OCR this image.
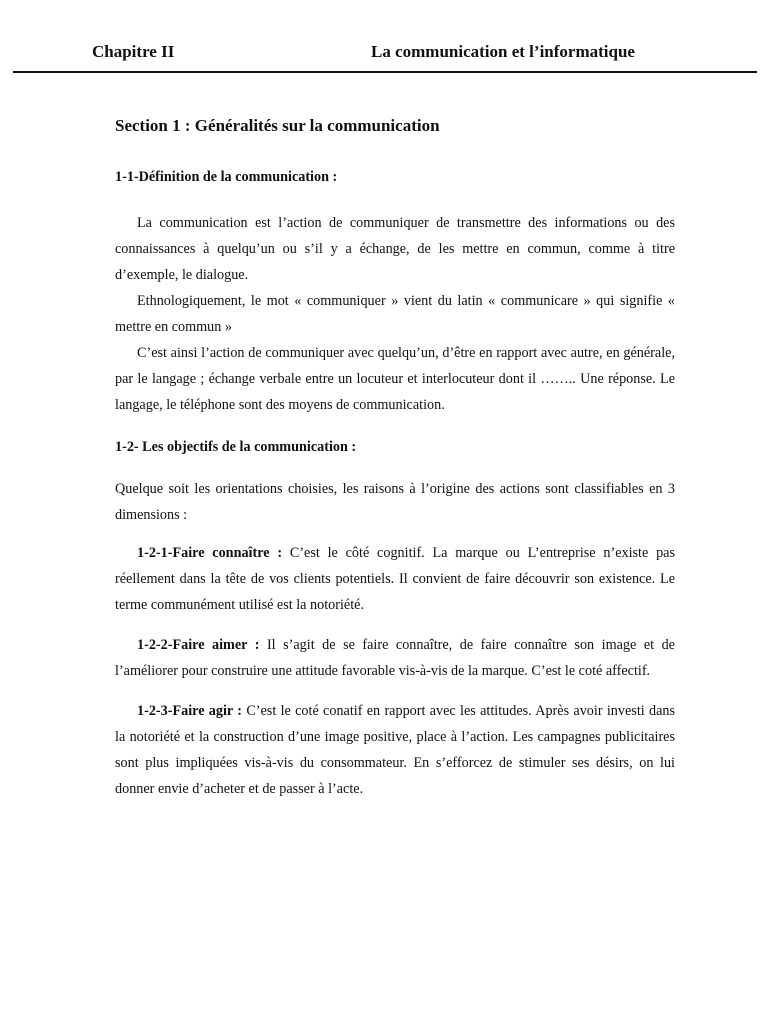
Chapitre II	La communication et l’informatique
Section 1 : Généralités sur la communication
1-1-Définition de la communication :

La communication est l’action de communiquer de transmettre des informations ou des connaissances à quelqu’un ou s’il y a échange, de les mettre en commun, comme à titre d’exemple, le dialogue.

Ethnologiquement, le mot « communiquer » vient du latin « communicare » qui signifie « mettre en commun »

C’est ainsi l’action de communiquer avec quelqu’un, d’être en rapport avec autre, en générale, par le langage ; échange verbale entre un locuteur et interlocuteur dont il …….. Une réponse. Le langage, le téléphone sont des moyens de communication.

1-2- Les objectifs de la communication :

Quelque soit les orientations choisies, les raisons à l’origine des actions sont classifiables en 3 dimensions :

1-2-1-Faire connaître : C’est le côté cognitif. La marque ou L’entreprise n’existe pas réellement dans la tête de vos clients potentiels. Il convient de faire découvrir son existence. Le terme communément utilisé est la notoriété.

1-2-2-Faire aimer : Il s’agit de se faire connaître, de faire connaître son image et de l’améliorer pour construire une attitude favorable vis-à-vis de la marque. C’est le coté affectif.

1-2-3-Faire agir : C’est le coté conatif en rapport avec les attitudes. Après avoir investi dans la notoriété et la construction d’une image positive, place à l’action. Les campagnes publicitaires sont plus impliquées vis-à-vis du consommateur. En s’efforcez de stimuler ses désirs, on lui donner envie d’acheter et de passer à l’acte.
